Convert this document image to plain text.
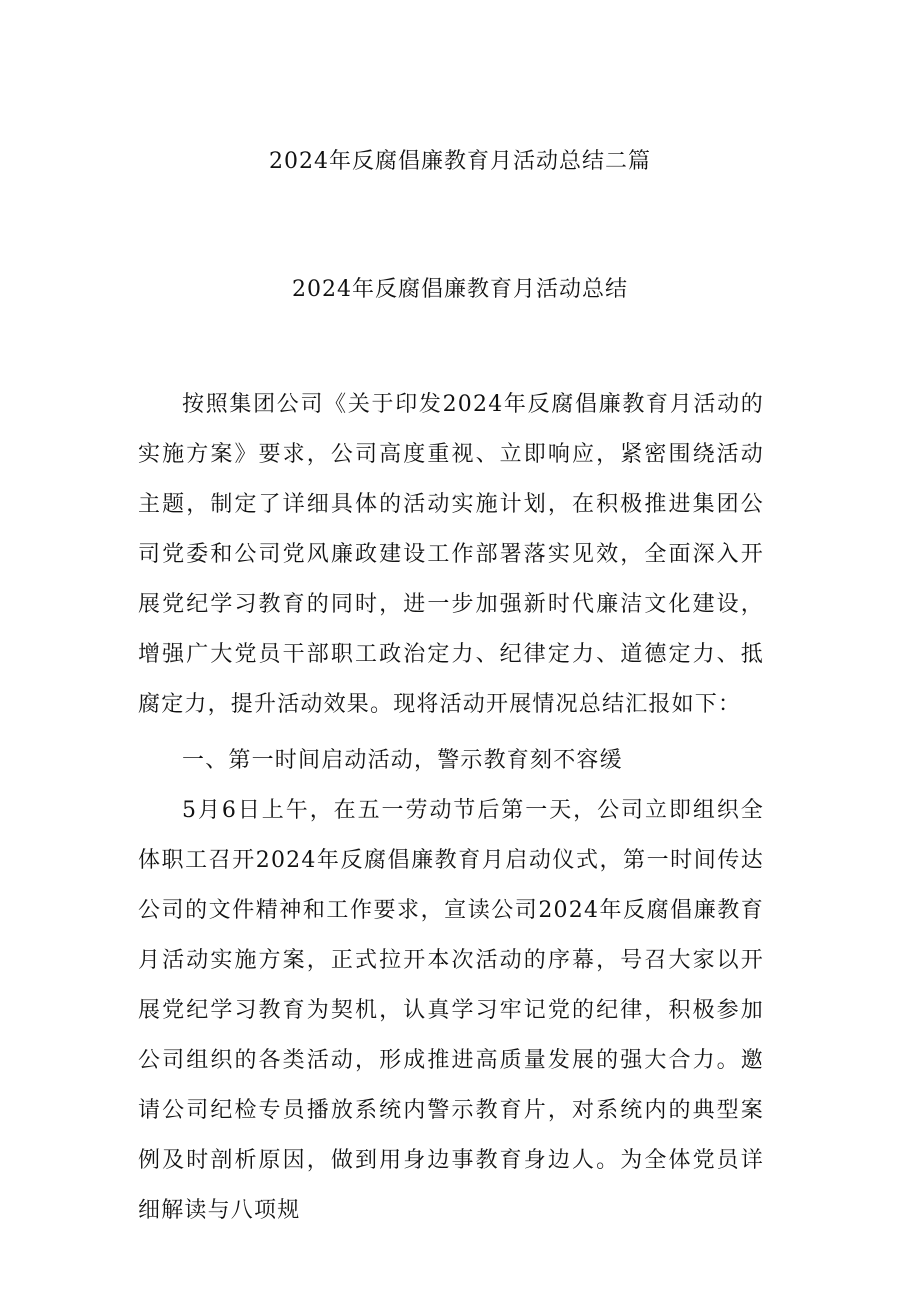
2024年反腐倡廉教育月活动总结二篇
2024年反腐倡廉教育月活动总结

按照集团公司《关于印发2024年反腐倡廉教育月活动的实施方案》要求，公司高度重视、立即响应，紧密围绕活动主题，制定了详细具体的活动实施计划，在积极推进集团公司党委和公司党风廉政建设工作部署落实见效，全面深入开展党纪学习教育的同时，进一步加强新时代廉洁文化建设，增强广大党员干部职工政治定力、纪律定力、道德定力、抵腐定力，提升活动效果。现将活动开展情况总结汇报如下：

一、第一时间启动活动，警示教育刻不容缓

5月6日上午，在五一劳动节后第一天，公司立即组织全体职工召开2024年反腐倡廉教育月启动仪式，第一时间传达公司的文件精神和工作要求，宣读公司2024年反腐倡廉教育月活动实施方案，正式拉开本次活动的序幕，号召大家以开展党纪学习教育为契机，认真学习牢记党的纪律，积极参加公司组织的各类活动，形成推进高质量发展的强大合力。邀请公司纪检专员播放系统内警示教育片，对系统内的典型案例及时剖析原因，做到用身边事教育身边人。为全体党员详细解读与八项规
